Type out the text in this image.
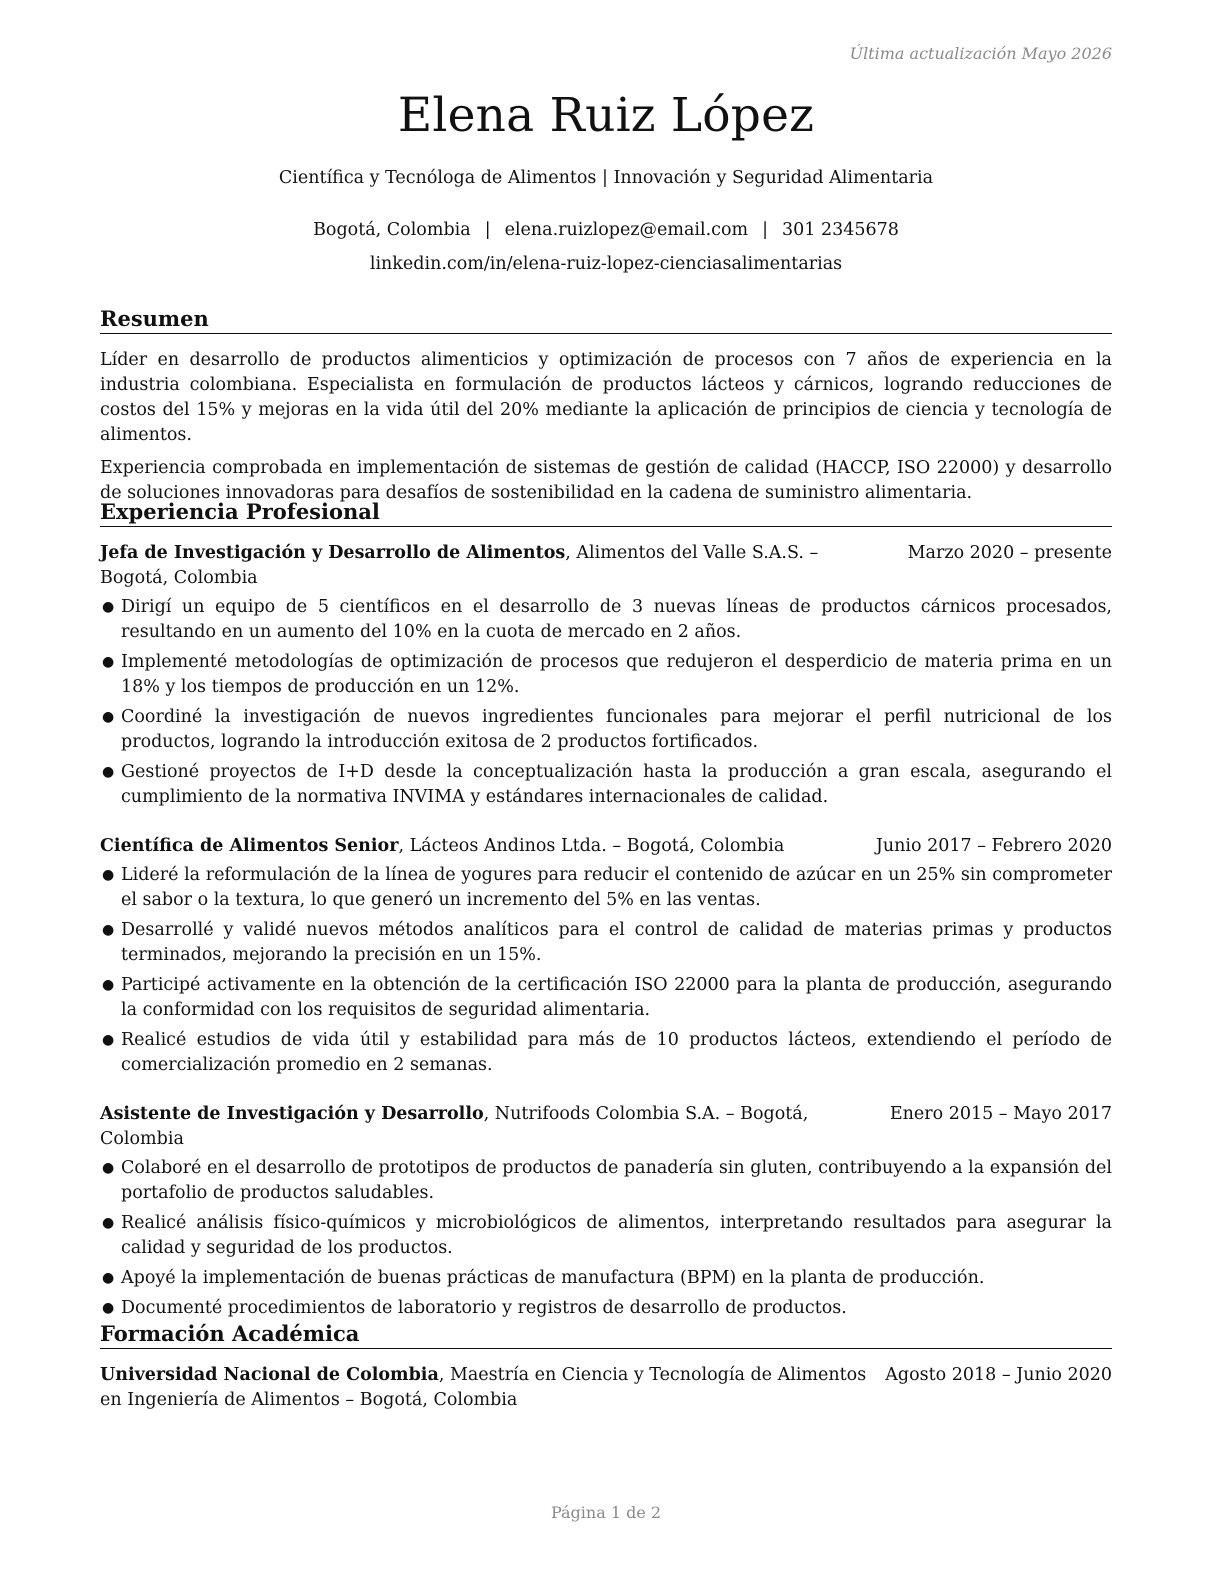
Última actualización Mayo 2026
Elena Ruiz López
Científica y Tecnóloga de Alimentos | Innovación y Seguridad Alimentaria
Bogotá, Colombia | elena.ruizlopez@email.com | 301 2345678
linkedin.com/in/elena-ruiz-lopez-cienciasalimentarias
Resumen

Líder en desarrollo de productos alimenticios y optimización de procesos con 7 años de experiencia en la industria colombiana. Especialista en formulación de productos lácteos y cárnicos, logrando reducciones de costos del 15% y mejoras en la vida útil del 20% mediante la aplicación de principios de ciencia y tecnología de alimentos.

Experiencia comprobada en implementación de sistemas de gestión de calidad (HACCP, ISO 22000) y desarrollo de soluciones innovadoras para desafíos de sostenibilidad en la cadena de suministro alimentaria.

Experiencia Profesional
Jefa de Investigación y Desarrollo de Alimentos, Alimentos del Valle S.A.S. – Bogotá, Colombia
Marzo 2020 – presente
● Dirigí un equipo de 5 científicos en el desarrollo de 3 nuevas líneas de productos cárnicos procesados, resultando en un aumento del 10% en la cuota de mercado en 2 años.
● Implementé metodologías de optimización de procesos que redujeron el desperdicio de materia prima en un 18% y los tiempos de producción en un 12%.
● Coordiné la investigación de nuevos ingredientes funcionales para mejorar el perfil nutricional de los productos, logrando la introducción exitosa de 2 productos fortificados.
● Gestioné proyectos de I+D desde la conceptualización hasta la producción a gran escala, asegurando el cumplimiento de la normativa INVIMA y estándares internacionales de calidad.
Científica de Alimentos Senior, Lácteos Andinos Ltda. – Bogotá, Colombia	Junio 2017 – Febrero 2020
● Lideré la reformulación de la línea de yogures para reducir el contenido de azúcar en un 25% sin comprometer el sabor o la textura, lo que generó un incremento del 5% en las ventas.
● Desarrollé y validé nuevos métodos analíticos para el control de calidad de materias primas y productos terminados, mejorando la precisión en un 15%.
● Participé activamente en la obtención de la certificación ISO 22000 para la planta de producción, asegurando la conformidad con los requisitos de seguridad alimentaria.
● Realicé estudios de vida útil y estabilidad para más de 10 productos lácteos, extendiendo el período de comercialización promedio en 2 semanas.
Asistente de Investigación y Desarrollo, Nutrifoods Colombia S.A. – Bogotá, Colombia
Enero 2015 – Mayo 2017
● Colaboré en el desarrollo de prototipos de productos de panadería sin gluten, contribuyendo a la expansión del portafolio de productos saludables.
● Realicé análisis físico-químicos y microbiológicos de alimentos, interpretando resultados para asegurar la calidad y seguridad de los productos.
● Apoyé la implementación de buenas prácticas de manufactura (BPM) en la planta de producción.
● Documenté procedimientos de laboratorio y registros de desarrollo de productos.
Formación Académica
Universidad Nacional de Colombia, Maestría en Ciencia y Tecnología de Alimentos en Ingeniería de Alimentos – Bogotá, Colombia
Agosto 2018 – Junio 2020
Página 1 de 2
